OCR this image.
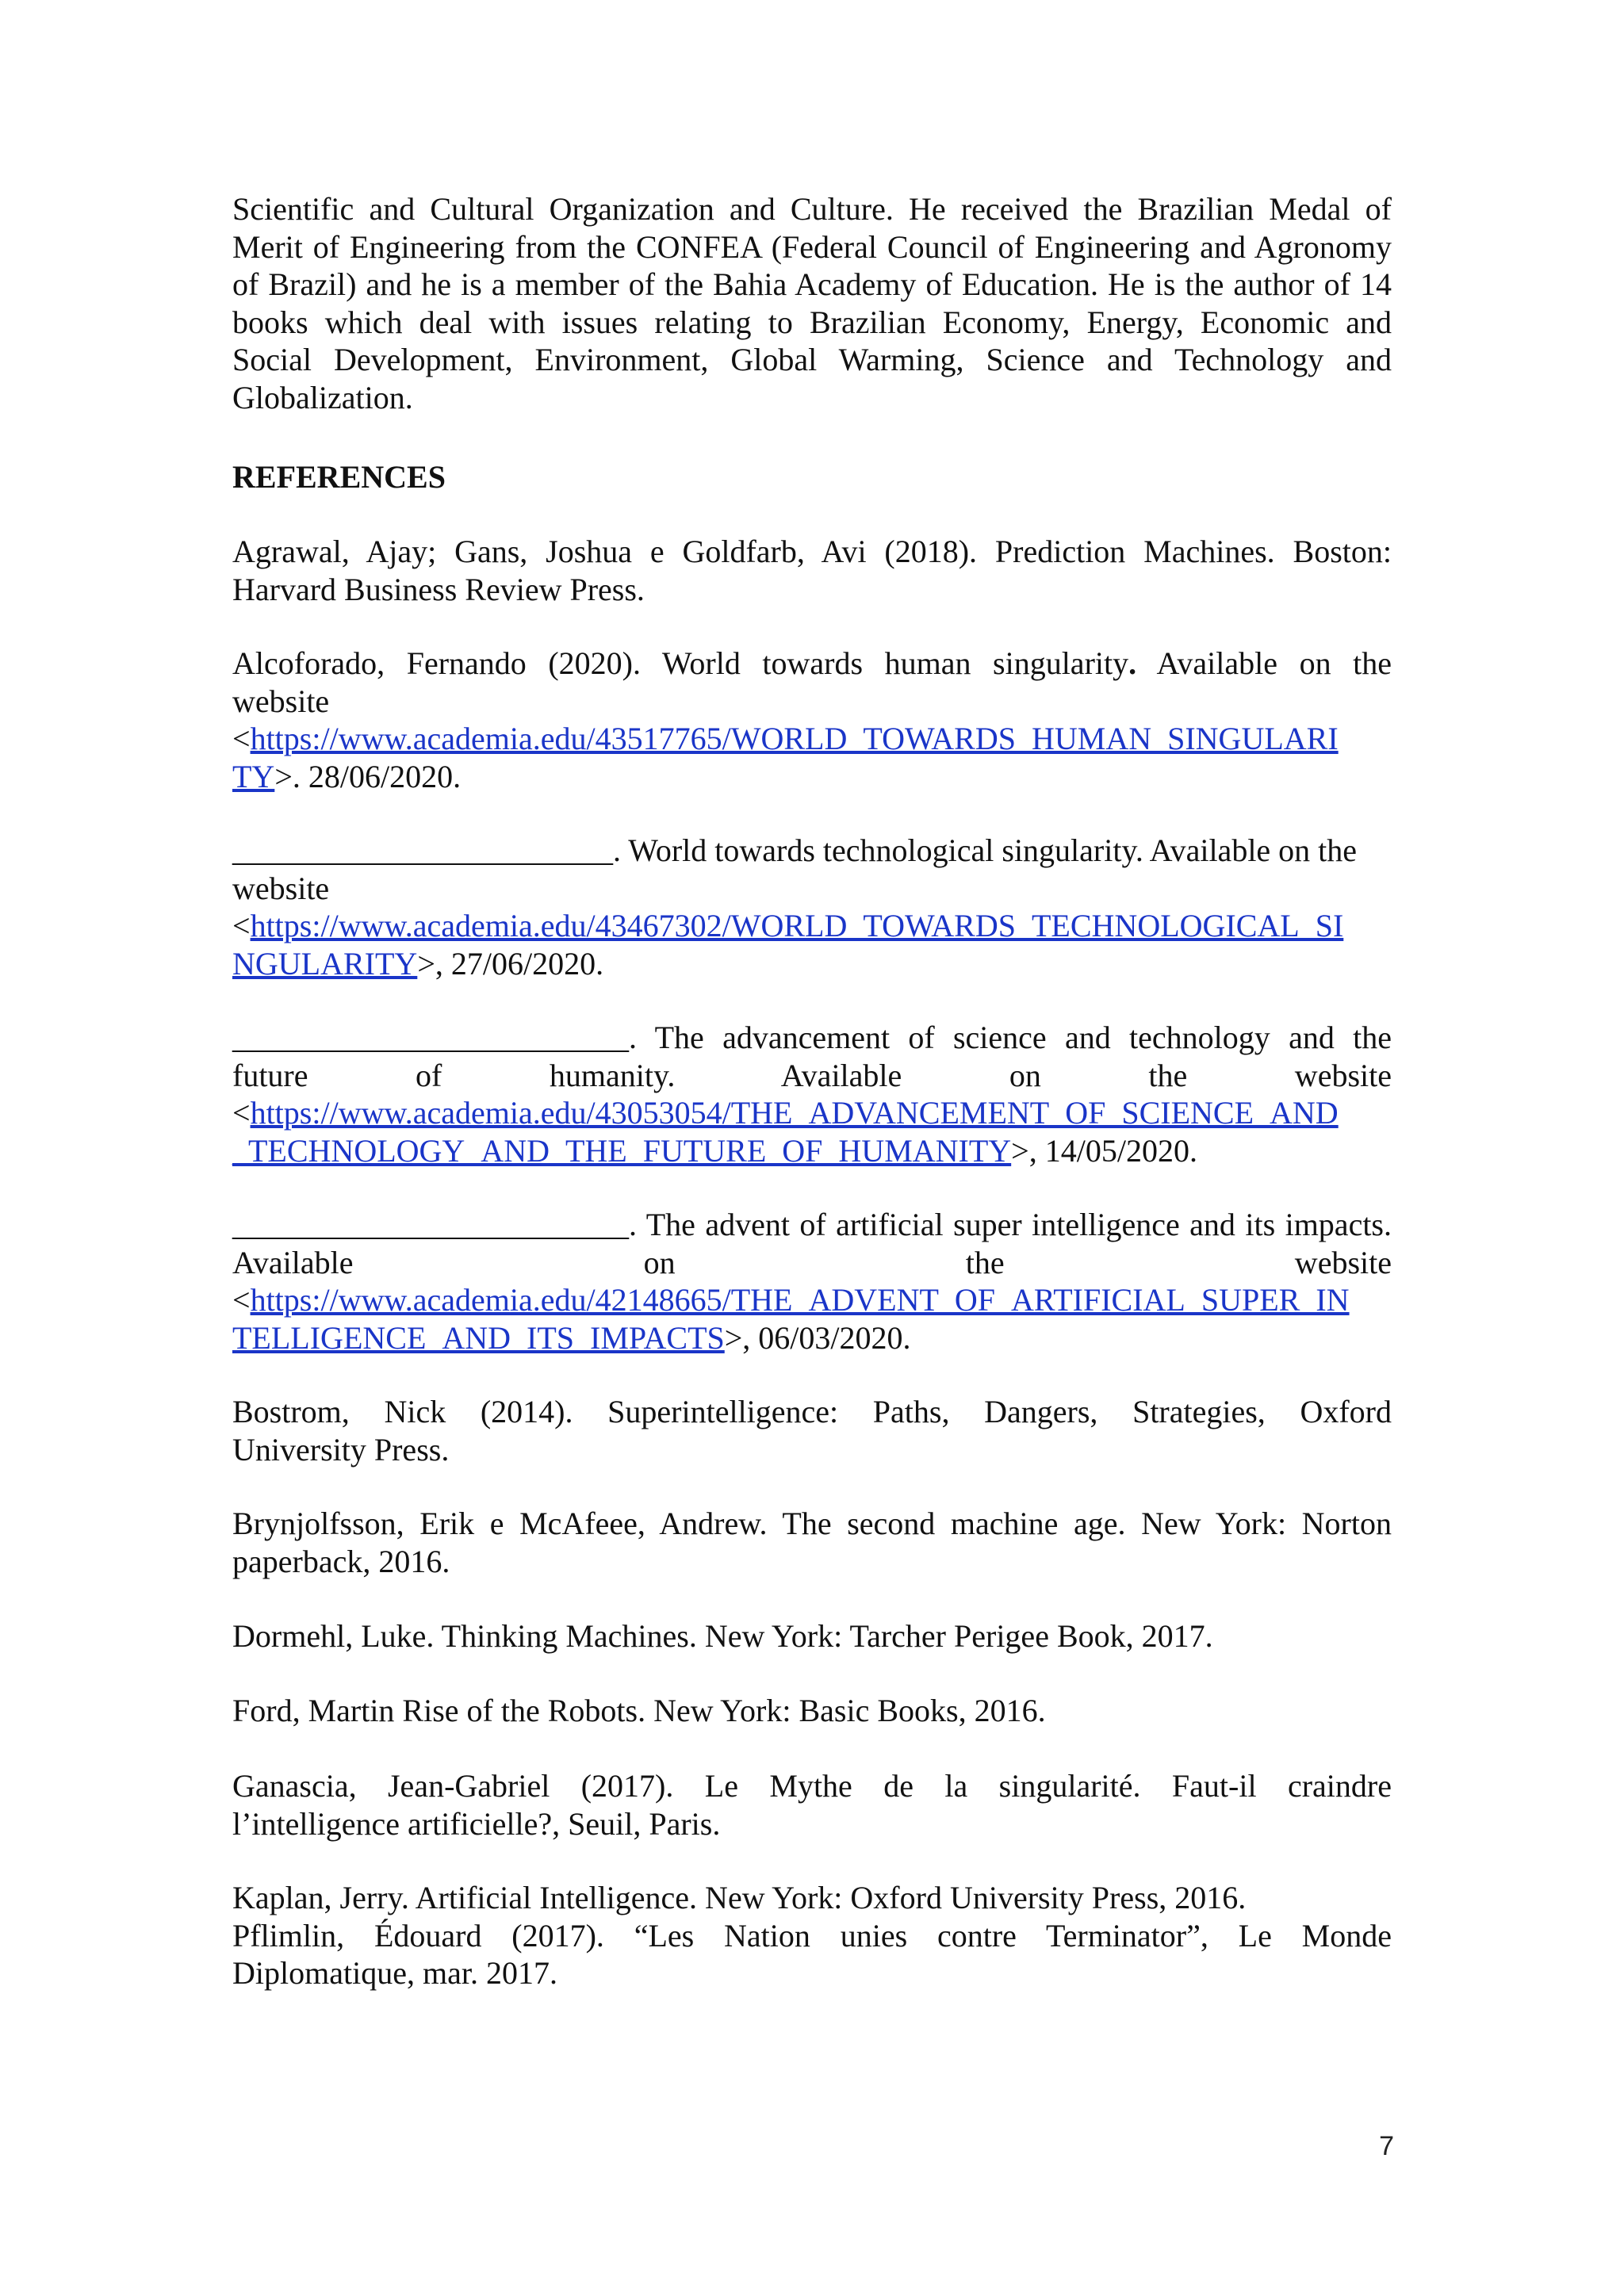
Scientific and Cultural Organization and Culture. He received the Brazilian Medal of
Merit of Engineering from the CONFEA (Federal Council of Engineering and Agronomy
of Brazil) and he is a member of the Bahia Academy of Education. He is the author of 14
books which deal with issues relating to Brazilian Economy, Energy, Economic and
Social Development, Environment, Global Warming, Science and Technology and
Globalization.
REFERENCES
Agrawal, Ajay; Gans, Joshua e Goldfarb, Avi (2018). Prediction Machines. Boston:
Harvard Business Review Press.
Alcoforado, Fernando (2020). World towards human singularity. Available on the
website
<https://www.academia.edu/43517765/WORLD_TOWARDS_HUMAN_SINGULARI
TY>. 28/06/2020.
________________________. World towards technological singularity. Available on the
website
<https://www.academia.edu/43467302/WORLD_TOWARDS_TECHNOLOGICAL_SI
NGULARITY>, 27/06/2020.
_________________________. The advancement of science and technology and the
future of humanity. Available on the website
<https://www.academia.edu/43053054/THE_ADVANCEMENT_OF_SCIENCE_AND
_TECHNOLOGY_AND_THE_FUTURE_OF_HUMANITY>, 14/05/2020.
_________________________. The advent of artificial super intelligence and its impacts.
Available on the website
<https://www.academia.edu/42148665/THE_ADVENT_OF_ARTIFICIAL_SUPER_IN
TELLIGENCE_AND_ITS_IMPACTS>, 06/03/2020.
Bostrom, Nick (2014). Superintelligence: Paths, Dangers, Strategies, Oxford
University Press.
Brynjolfsson, Erik e McAfeee, Andrew. The second machine age. New York: Norton
paperback, 2016.
Dormehl, Luke. Thinking Machines. New York: Tarcher Perigee Book, 2017.
Ford, Martin Rise of the Robots. New York: Basic Books, 2016.
Ganascia, Jean-Gabriel (2017). Le Mythe de la singularité. Faut-il craindre
l’intelligence artificielle?, Seuil, Paris.
Kaplan, Jerry. Artificial Intelligence. New York: Oxford University Press, 2016.
Pflimlin, Édouard (2017). “Les Nation unies contre Terminator”, Le Monde
Diplomatique, mar. 2017.
7
